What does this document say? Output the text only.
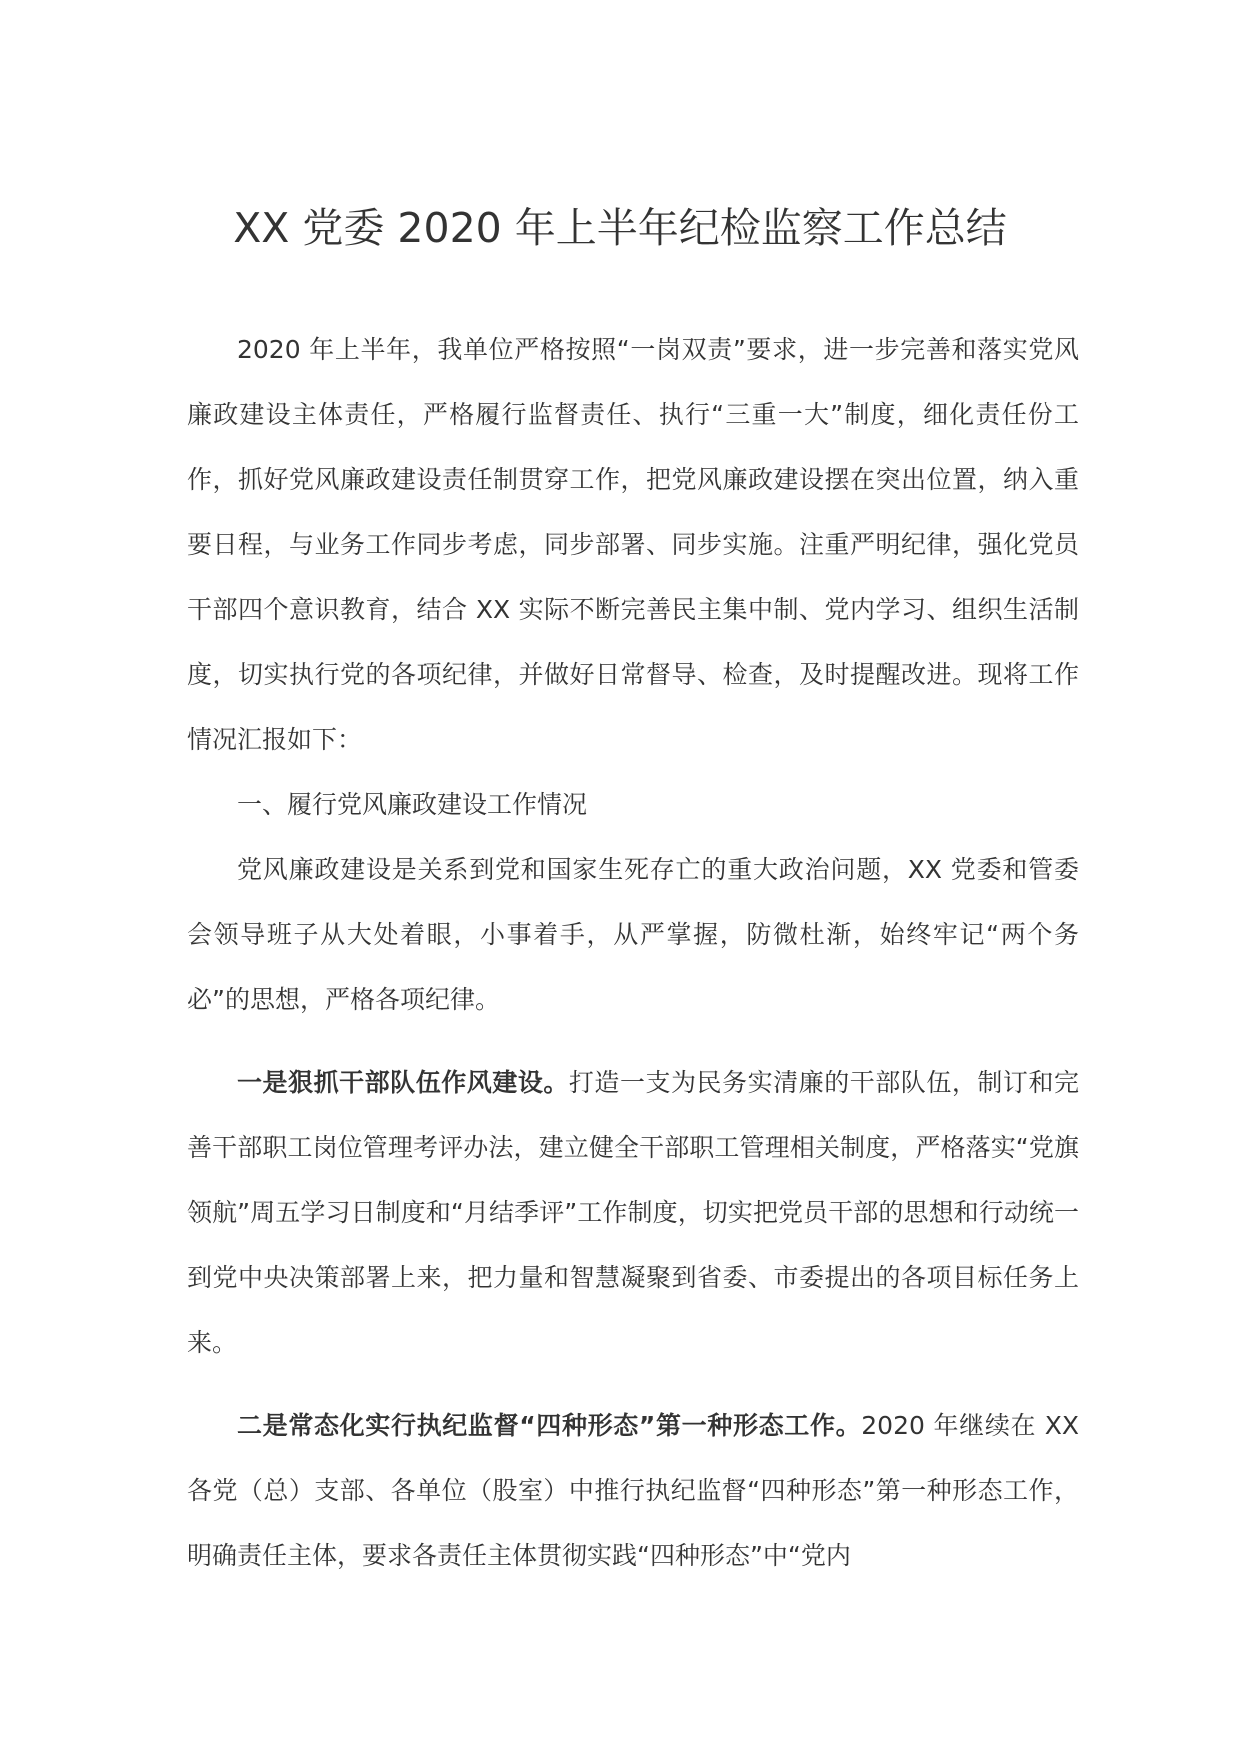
XX 党委 2020 年上半年纪检监察工作总结

2020 年上半年，我单位严格按照“一岗双责”要求，进一步完善和落实党风廉政建设主体责任，严格履行监督责任、执行“三重一大”制度，细化责任份工作，抓好党风廉政建设责任制贯穿工作，把党风廉政建设摆在突出位置，纳入重要日程，与业务工作同步考虑，同步部署、同步实施。注重严明纪律，强化党员干部四个意识教育，结合 XX 实际不断完善民主集中制、党内学习、组织生活制度，切实执行党的各项纪律，并做好日常督导、检查，及时提醒改进。现将工作情况汇报如下：

一、履行党风廉政建设工作情况

党风廉政建设是关系到党和国家生死存亡的重大政治问题，XX 党委和管委会领导班子从大处着眼，小事着手，从严掌握，防微杜渐，始终牢记“两个务必”的思想，严格各项纪律。

一是狠抓干部队伍作风建设。打造一支为民务实清廉的干部队伍，制订和完善干部职工岗位管理考评办法，建立健全干部职工管理相关制度，严格落实“党旗领航”周五学习日制度和“月结季评”工作制度，切实把党员干部的思想和行动统一到党中央决策部署上来，把力量和智慧凝聚到省委、市委提出的各项目标任务上来。

二是常态化实行执纪监督“四种形态”第一种形态工作。2020 年继续在 XX 各党（总）支部、各单位（股室）中推行执纪监督“四种形态”第一种形态工作，明确责任主体，要求各责任主体贯彻实践“四种形态”中“党内
